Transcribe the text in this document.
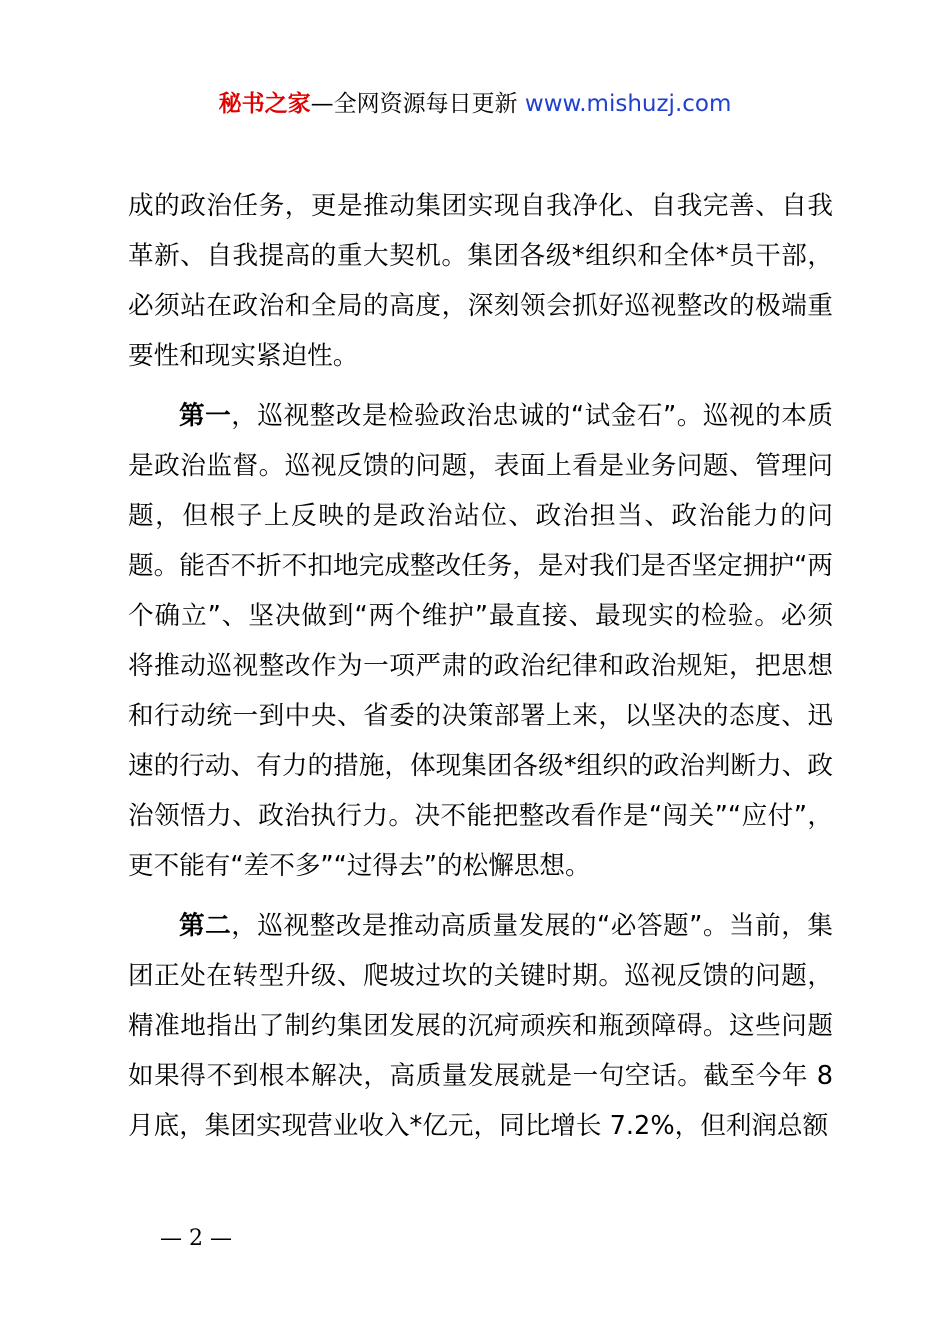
秘书之家—全网资源每日更新 www.mishuzj.com

成的政治任务，更是推动集团实现自我净化、自我完善、自我革新、自我提高的重大契机。集团各级*组织和全体*员干部，必须站在政治和全局的高度，深刻领会抓好巡视整改的极端重要性和现实紧迫性。

第一，巡视整改是检验政治忠诚的“试金石”。巡视的本质是政治监督。巡视反馈的问题，表面上看是业务问题、管理问题，但根子上反映的是政治站位、政治担当、政治能力的问题。能否不折不扣地完成整改任务，是对我们是否坚定拥护“两个确立”、坚决做到“两个维护”最直接、最现实的检验。必须将推动巡视整改作为一项严肃的政治纪律和政治规矩，把思想和行动统一到中央、省委的决策部署上来，以坚决的态度、迅速的行动、有力的措施，体现集团各级*组织的政治判断力、政治领悟力、政治执行力。决不能把整改看作是“闯关”“应付”，更不能有“差不多”“过得去”的松懈思想。

第二，巡视整改是推动高质量发展的“必答题”。当前，集团正处在转型升级、爬坡过坎的关键时期。巡视反馈的问题，精准地指出了制约集团发展的沉疴顽疾和瓶颈障碍。这些问题如果得不到根本解决，高质量发展就是一句空话。截至今年 8 月底，集团实现营业收入*亿元，同比增长 7.2%，但利润总额

— 2 —
